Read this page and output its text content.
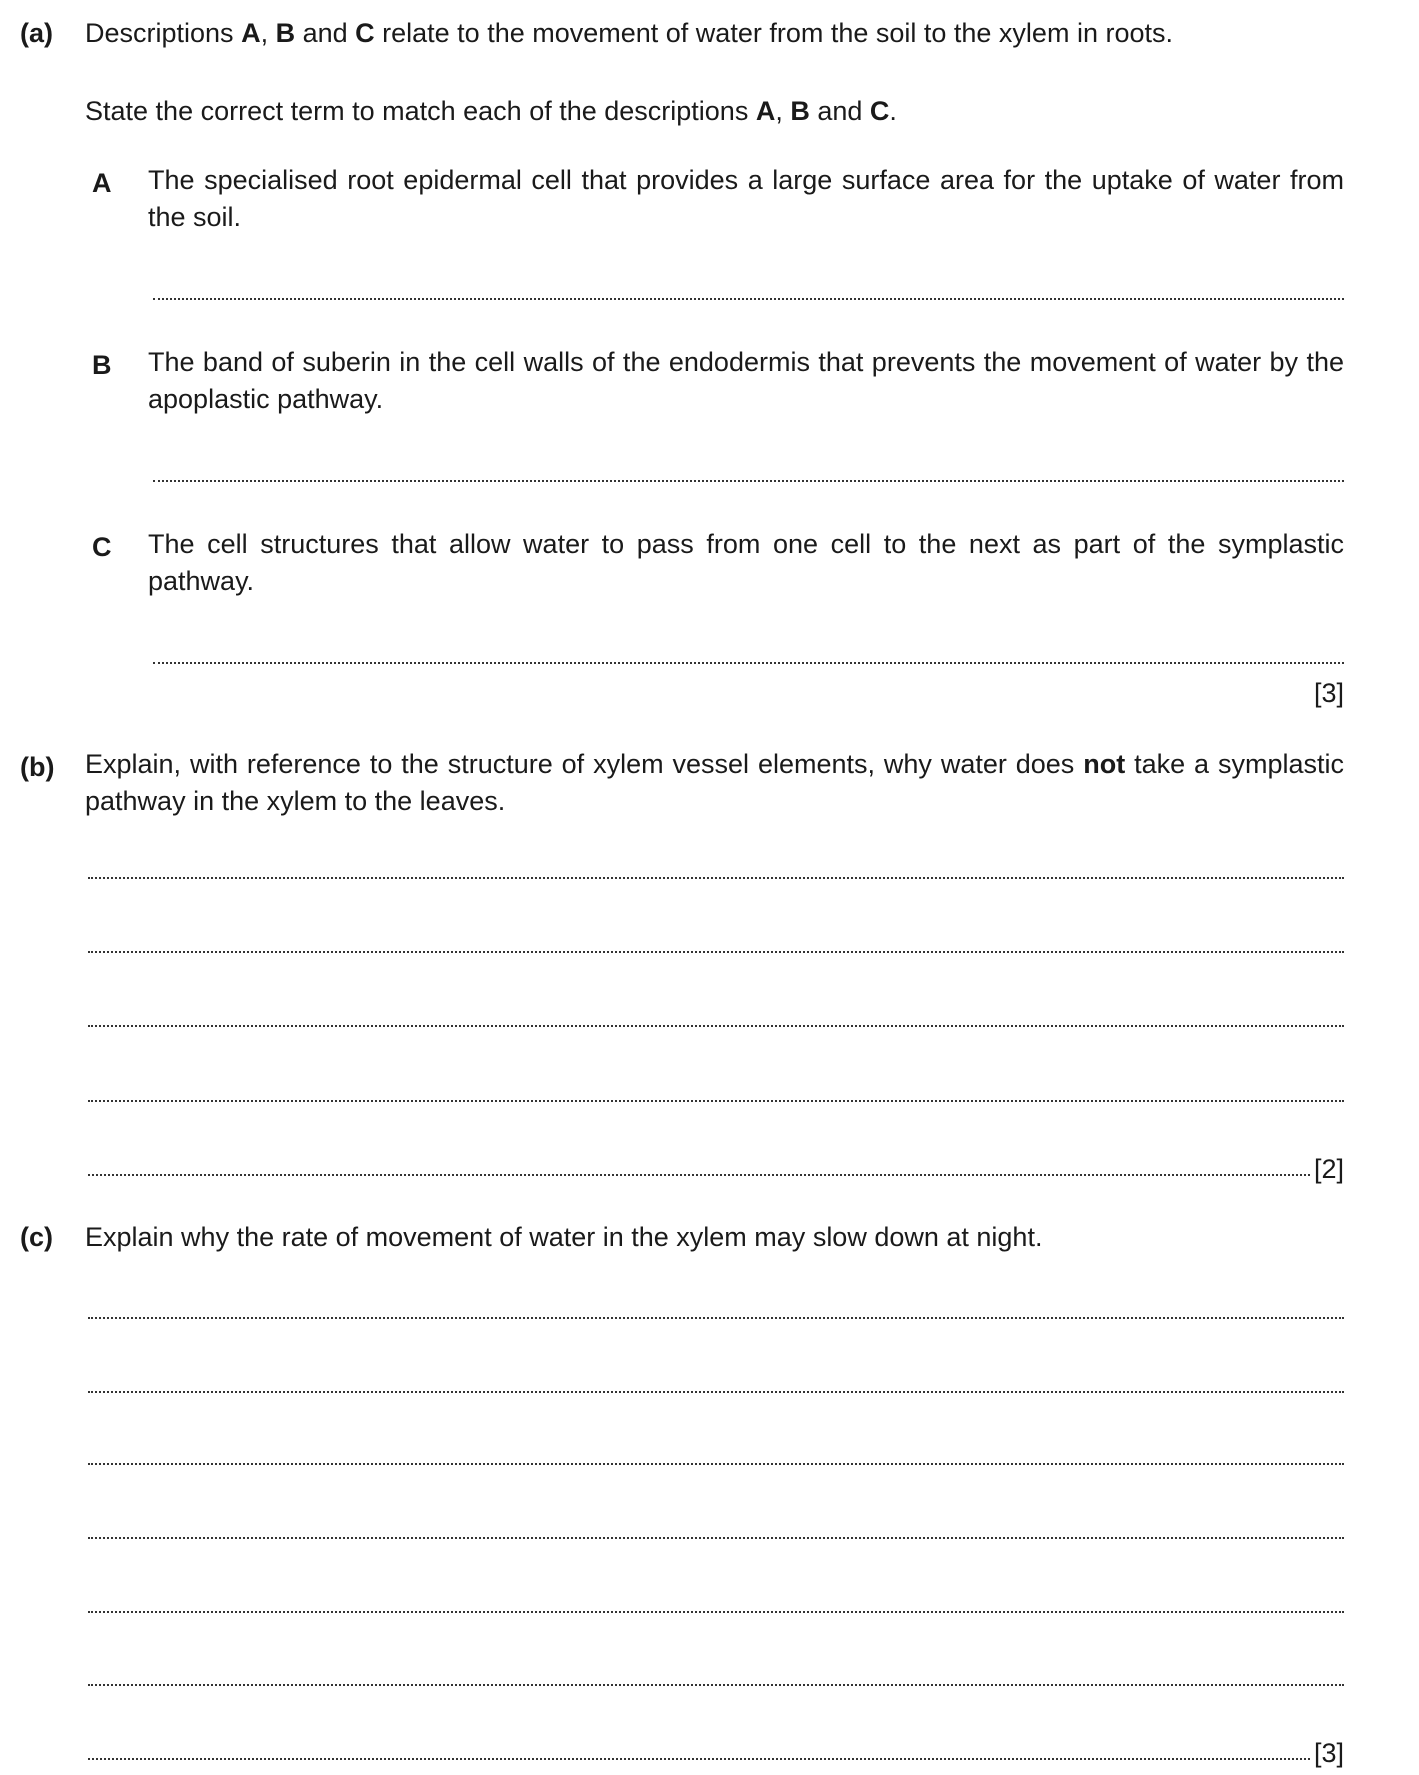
(a) Descriptions A, B and C relate to the movement of water from the soil to the xylem in roots.
State the correct term to match each of the descriptions A, B and C.
A The specialised root epidermal cell that provides a large surface area for the uptake of water from the soil.
B The band of suberin in the cell walls of the endodermis that prevents the movement of water by the apoplastic pathway.
C The cell structures that allow water to pass from one cell to the next as part of the symplastic pathway.
[3]
(b) Explain, with reference to the structure of xylem vessel elements, why water does not take a symplastic pathway in the xylem to the leaves.
[2]
(c) Explain why the rate of movement of water in the xylem may slow down at night.
[3]
